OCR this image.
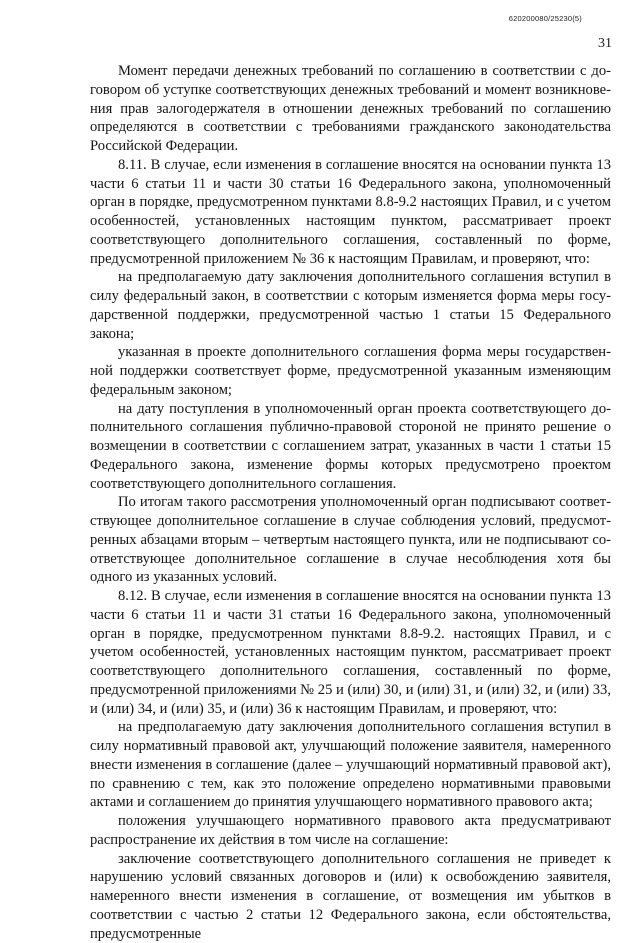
620200080/25230(5)
31

Момент передачи денежных требований по соглашению в соответствии с договором об уступке соответствующих денежных требований и момент возникновения прав залогодержателя в отношении денежных требований по соглашению определяются в соответствии с требованиями гражданского законодательства Российской Федерации.

8.11. В случае, если изменения в соглашение вносятся на основании пункта 13 части 6 статьи 11 и части 30 статьи 16 Федерального закона, уполномоченный орган в порядке, предусмотренном пунктами 8.8-9.2 настоящих Правил, и с учетом особенностей, установленных настоящим пунктом, рассматривает проект соответствующего дополнительного соглашения, составленный по форме, предусмотренной приложением № 36 к настоящим Правилам, и проверяют, что:

на предполагаемую дату заключения дополнительного соглашения вступил в силу федеральный закон, в соответствии с которым изменяется форма меры государственной поддержки, предусмотренной частью 1 статьи 15 Федерального закона;

указанная в проекте дополнительного соглашения форма меры государственной поддержки соответствует форме, предусмотренной указанным изменяющим федеральным законом;

на дату поступления в уполномоченный орган проекта соответствующего дополнительного соглашения публично-правовой стороной не принято решение о возмещении в соответствии с соглашением затрат, указанных в части 1 статьи 15 Федерального закона, изменение формы которых предусмотрено проектом соответствующего дополнительного соглашения.

По итогам такого рассмотрения уполномоченный орган подписывают соответствующее дополнительное соглашение в случае соблюдения условий, предусмотренных абзацами вторым – четвертым настоящего пункта, или не подписывают соответствующее дополнительное соглашение в случае несоблюдения хотя бы одного из указанных условий.

8.12. В случае, если изменения в соглашение вносятся на основании пункта 13 части 6 статьи 11 и части 31 статьи 16 Федерального закона, уполномоченный орган в порядке, предусмотренном пунктами 8.8-9.2. настоящих Правил, и с учетом особенностей, установленных настоящим пунктом, рассматривает проект соответствующего дополнительного соглашения, составленный по форме, предусмотренной приложениями № 25 и (или) 30, и (или) 31, и (или) 32, и (или) 33, и (или) 34, и (или) 35, и (или) 36 к настоящим Правилам, и проверяют, что:

на предполагаемую дату заключения дополнительного соглашения вступил в силу нормативный правовой акт, улучшающий положение заявителя, намеренного внести изменения в соглашение (далее – улучшающий нормативный правовой акт), по сравнению с тем, как это положение определено нормативными правовыми актами и соглашением до принятия улучшающего нормативного правового акта;

положения улучшающего нормативного правового акта предусматривают распространение их действия в том числе на соглашение:

заключение соответствующего дополнительного соглашения не приведет к нарушению условий связанных договоров и (или) к освобождению заявителя, намеренного внести изменения в соглашение, от возмещения им убытков в соответствии с частью 2 статьи 12 Федерального закона, если обстоятельства, предусмотренные
